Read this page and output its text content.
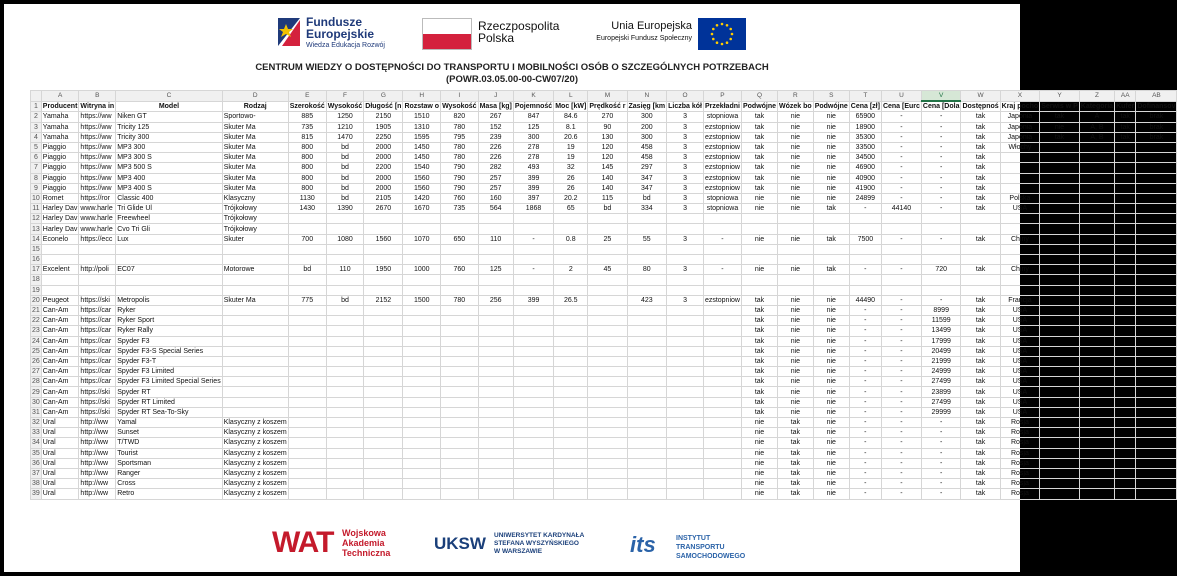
Fundusze
Europejskie
Wiedza Edukacja Rozwój
Rzeczpospolita
Polska
Unia Europejska
Europejski Fundusz Społeczny
CENTRUM WIEDZY O DOSTĘPNOŚCI DO TRANSPORTU I MOBILNOŚCI OSÓB O SZCZEGÓLNYCH POTRZEBACH
(POWR.03.05.00-00-CW07/20)
	A	B	C	D	E	F	G	H	I	J	K	L	M	N	O	P	Q	R	S	T	U	V	W	X	Y	Z	AA	AB
1	Producent	Witryna in	Model	Rodzaj	Szerokość	Wysokość	Długość [n	Rozstaw o	Wysokość	Masa [kg]	Pojemność	Moc [kW]	Prędkość r	Zasięg [km	Liczba kół	Przekładni	Podwójne	Wózek bo	Podwójne	Cena [zł]	Cena [Eurc	Cena [Dola	Dostępnoś	Kraj pocho	Serwis w P	Kategoria	Kufer	Dofinansov
2	Yamaha	https://ww	Niken GT	Sportowo-	885	1250	2150	1510	820	267	847	84.6	270	300	3	stopniowa	tak	nie	nie	65900	-	-	tak	Japonia	tak	A	tak	brak
3	Yamaha	https://ww	Tricity 125	Skuter Ma	735	1210	1905	1310	780	152	125	8.1	90	200	3	ezstopniow	tak	nie	nie	18900	-	-	tak	Japonia	nie	A, B	tak	brak
4	Yamaha	https://ww	Tricity 300	Skuter Ma	815	1470	2250	1595	795	239	300	20.6	130	300	3	ezstopniow	tak	nie	nie	35300	-	-	tak	Japonia	tak	A, B	tak	brak
5	Piaggio	https://ww	MP3 300	Skuter Ma	800	bd	2000	1450	780	226	278	19	120	458	3	ezstopniow	tak	nie	nie	33500	-	-	tak	Włochy				
6	Piaggio	https://ww	MP3 300 S	Skuter Ma	800	bd	2000	1450	780	226	278	19	120	458	3	ezstopniow	tak	nie	nie	34500	-	-	tak					
7	Piaggio	https://ww	MP3 500 S	Skuter Ma	800	bd	2200	1540	790	282	493	32	145	297	3	ezstopniow	tak	nie	nie	46900	-	-	tak					
8	Piaggio	https://ww	MP3 400	Skuter Ma	800	bd	2000	1560	790	257	399	26	140	347	3	ezstopniow	tak	nie	nie	40900	-	-	tak					
9	Piaggio	https://ww	MP3 400 S	Skuter Ma	800	bd	2000	1560	790	257	399	26	140	347	3	ezstopniow	tak	nie	nie	41900	-	-	tak					
10	Romet	https://ror	Classic 400	Klasyczny	1130	bd	2105	1420	760	160	397	20.2	115	bd	3	stopniowa	nie	nie	nie	24899	-	-	tak	Polska				
11	Harley Dav	www.harle	Tri Glide Ul	Trójkołowy	1430	1390	2670	1670	735	564	1868	65	bd	334	3	stopniowa	nie	nie	tak	-	44140	-	tak	USA				
12	Harley Dav	www.harle	Freewheel	Trójkołowy																								
13	Harley Dav	www.harle	Cvo Tri Gli	Trójkołowy																								
14	Econelo	https://ecc	Lux	Skuter	700	1080	1560	1070	650	110	-	0.8	25	55	3	-	nie	nie	tak	7500	-	-	tak	Chiny				
15																												
16																												
17	Excelent	http://poli	EC07	Motorowe	bd	110	1950	1000	760	125	-	2	45	80	3	-	nie	nie	tak	-	-	720	tak	Chiny				
18																												
19																												
20	Peugeot	https://ski	Metropolis	Skuter Ma	775	bd	2152	1500	780	256	399	26.5		423	3	ezstopniow	tak	nie	nie	44490	-	-	tak	Francja				
21	Can-Am	https://car	Ryker														tak	nie	nie	-	-	8999	tak	USA				
22	Can-Am	https://car	Ryker Sport														tak	nie	nie	-	-	11599	tak	USA				
23	Can-Am	https://car	Ryker Rally														tak	nie	nie	-	-	13499	tak	USA				
24	Can-Am	https://car	Spyder F3														tak	nie	nie	-	-	17999	tak	USA				
25	Can-Am	https://car	Spyder F3-S Special Series														tak	nie	nie	-	-	20499	tak	USA				
26	Can-Am	https://car	Spyder F3-T														tak	nie	nie	-	-	21999	tak	USA				
27	Can-Am	https://car	Spyder F3 Limited														tak	nie	nie	-	-	24999	tak	USA				
28	Can-Am	https://car	Spyder F3 Limited Special Series														tak	nie	nie	-	-	27499	tak	USA				
29	Can-Am	https://ski	Spyder RT														tak	nie	nie	-	-	23899	tak	USA				
30	Can-Am	https://ski	Spyder RT Limited														tak	nie	nie	-	-	27499	tak	USA				
31	Can-Am	https://ski	Spyder RT Sea-To-Sky														tak	nie	nie	-	-	29999	tak	USA				
32	Ural	http://ww	Yamal	Klasyczny z koszem													nie	tak	nie	-	-	-	tak	Rosja				
33	Ural	http://ww	Sunset	Klasyczny z koszem													nie	tak	nie	-	-	-	tak	Rosja				
34	Ural	http://ww	T/TWD	Klasyczny z koszem													nie	tak	nie	-	-	-	tak	Rosja				
35	Ural	http://ww	Tourist	Klasyczny z koszem													nie	tak	nie	-	-	-	tak	Rosja				
36	Ural	http://ww	Sportsman	Klasyczny z koszem													nie	tak	nie	-	-	-	tak	Rosja				
37	Ural	http://ww	Ranger	Klasyczny z koszem													nie	tak	nie	-	-	-	tak	Rosja				
38	Ural	http://ww	Cross	Klasyczny z koszem													nie	tak	nie	-	-	-	tak	Rosja				
39	Ural	http://ww	Retro	Klasyczny z koszem													nie	tak	nie	-	-	-	tak	Rosja				
WAT Wojskowa
Akademia
Techniczna	UKSW UNIWERSYTET KARDYNAŁA
STEFANA WYSZYŃSKIEGO
W WARSZAWIE	its	INSTYTUT
TRANSPORTU
SAMOCHODOWEGO
